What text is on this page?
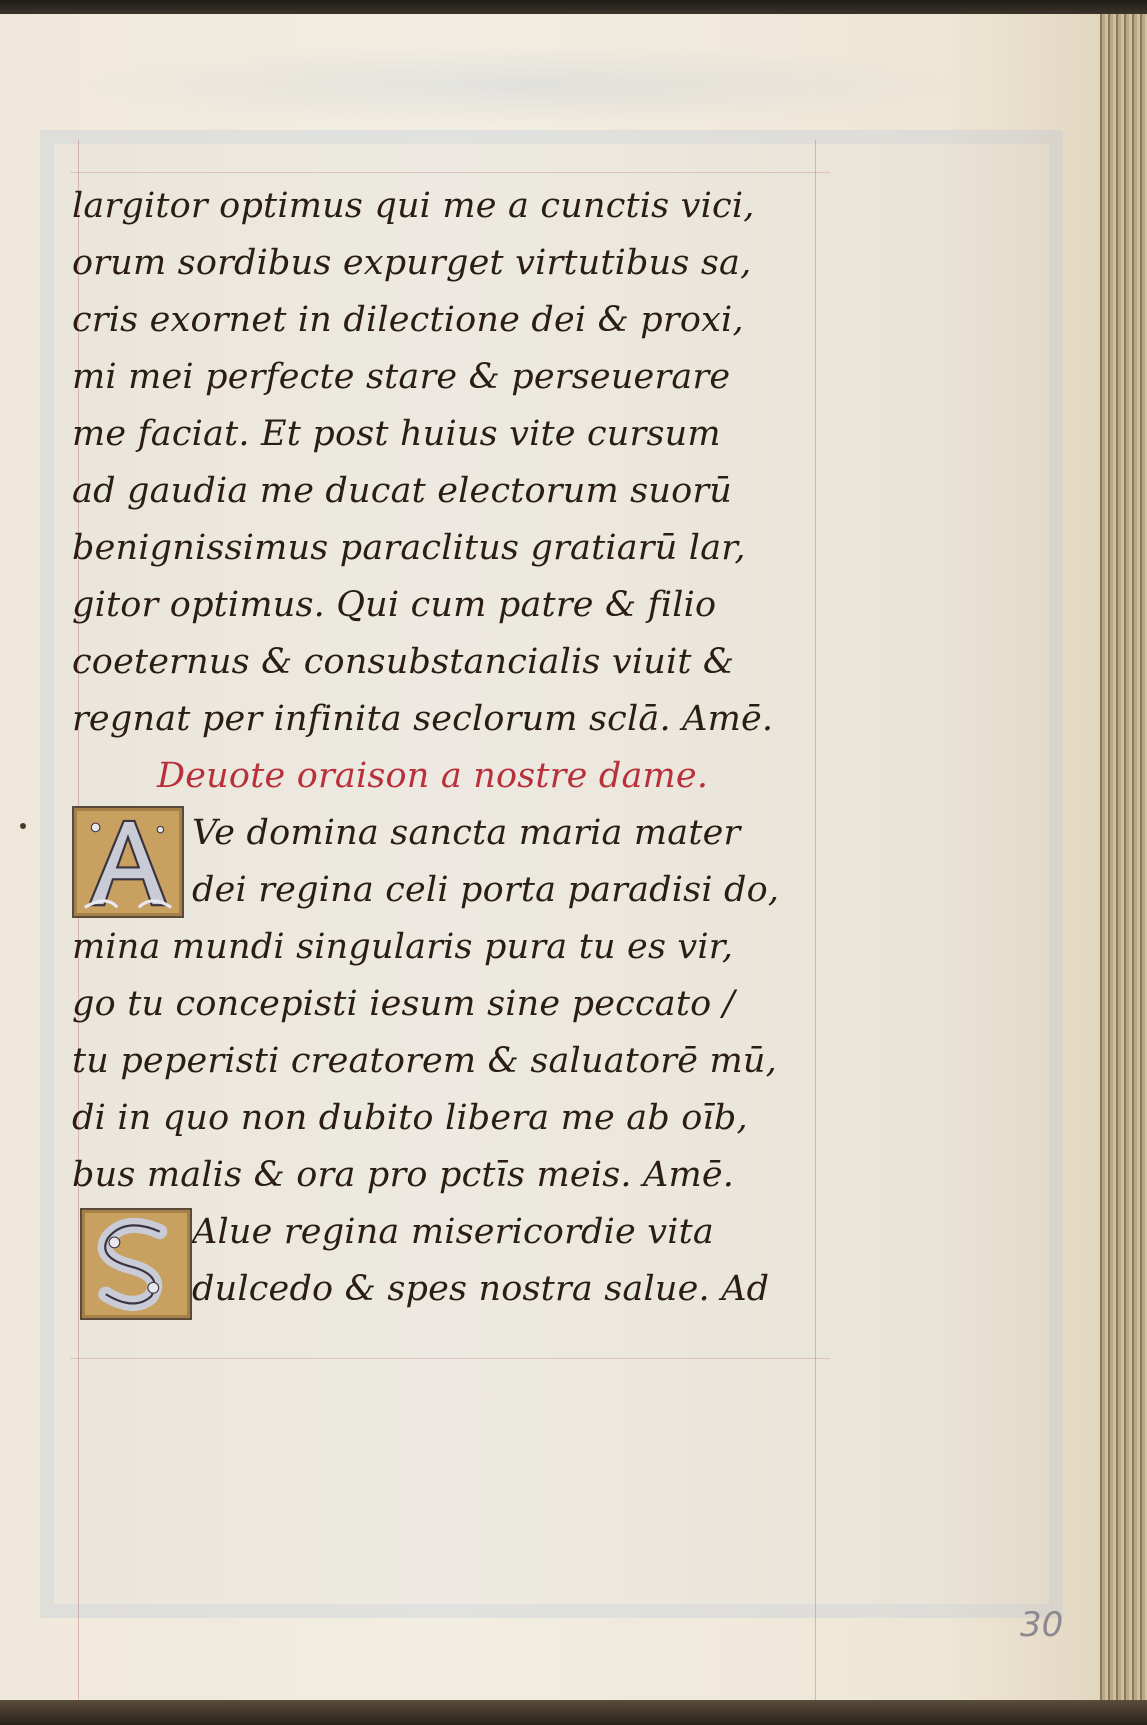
largitor optimus qui me a cunctis vici,
orum sordibus expurget virtutibus sa,
cris exornet in dilectione dei & proxi,
mi mei perfecte stare & perseuerare
me faciat. Et post huius vite cursum
ad gaudia me ducat electorum suorū
benignissimus paraclitus gratiarū lar,
gitor optimus. Qui cum patre & filio
coeternus & consubstancialis viuit &
regnat per infinita seclorum sclā. Amē.
Deuote oraison a nostre dame.
Ve domina sancta maria mater
dei regina celi porta paradisi do,
mina mundi singularis pura tu es vir,
go tu concepisti iesum sine peccato /
tu peperisti creatorem & saluatorē mū,
di in quo non dubito libera me ab oīb,
bus malis & ora pro pctīs meis. Amē.
Alue regina misericordie vita
dulcedo & spes nostra salue. Ad
30
